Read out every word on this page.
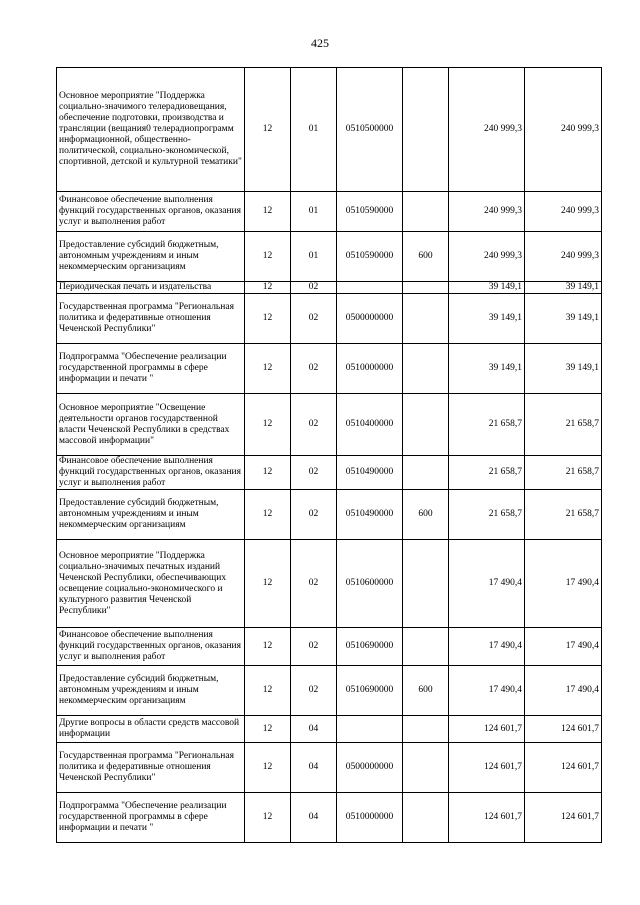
425
Основное мероприятие "Поддержка социально-значимого телерадиовещания, обеспечение подготовки, производства и трансляции (вещания0 телерадиопрограмм информационной, общественно-политической, социально-экономической, спортивной, детской и культурной тематики"	12	01	0510500000		240 999,3	240 999,3
Финансовое обеспечение выполнения функций государственных органов, оказания услуг и выполнения работ	12	01	0510590000		240 999,3	240 999,3
Предоставление субсидий бюджетным, автономным учреждениям и иным некоммерческим организациям	12	01	0510590000	600	240 999,3	240 999,3
Периодическая печать и издательства	12	02			39 149,1	39 149,1
Государственная программа "Региональная политика и федеративные отношения Чеченской Республики"	12	02	0500000000		39 149,1	39 149,1
Подпрограмма "Обеспечение реализации государственной программы в сфере информации и печати "	12	02	0510000000		39 149,1	39 149,1
Основное мероприятие "Освещение деятельности органов государственной власти Чеченской Республики в средствах массовой информации"	12	02	0510400000		21 658,7	21 658,7
Финансовое обеспечение выполнения функций государственных органов, оказания услуг и выполнения работ	12	02	0510490000		21 658,7	21 658,7
Предоставление субсидий бюджетным, автономным учреждениям и иным некоммерческим организациям	12	02	0510490000	600	21 658,7	21 658,7
Основное мероприятие "Поддержка социально-значимых печатных изданий Чеченской Республики, обеспечивающих освещение социально-экономического и культурного развития Чеченской Республики"	12	02	0510600000		17 490,4	17 490,4
Финансовое обеспечение выполнения функций государственных органов, оказания услуг и выполнения работ	12	02	0510690000		17 490,4	17 490,4
Предоставление субсидий бюджетным, автономным учреждениям и иным некоммерческим организациям	12	02	0510690000	600	17 490,4	17 490,4
Другие вопросы в области средств массовой информации	12	04			124 601,7	124 601,7
Государственная программа "Региональная политика и федеративные отношения Чеченской Республики"	12	04	0500000000		124 601,7	124 601,7
Подпрограмма "Обеспечение реализации государственной программы в сфере информации и печати "	12	04	0510000000		124 601,7	124 601,7
